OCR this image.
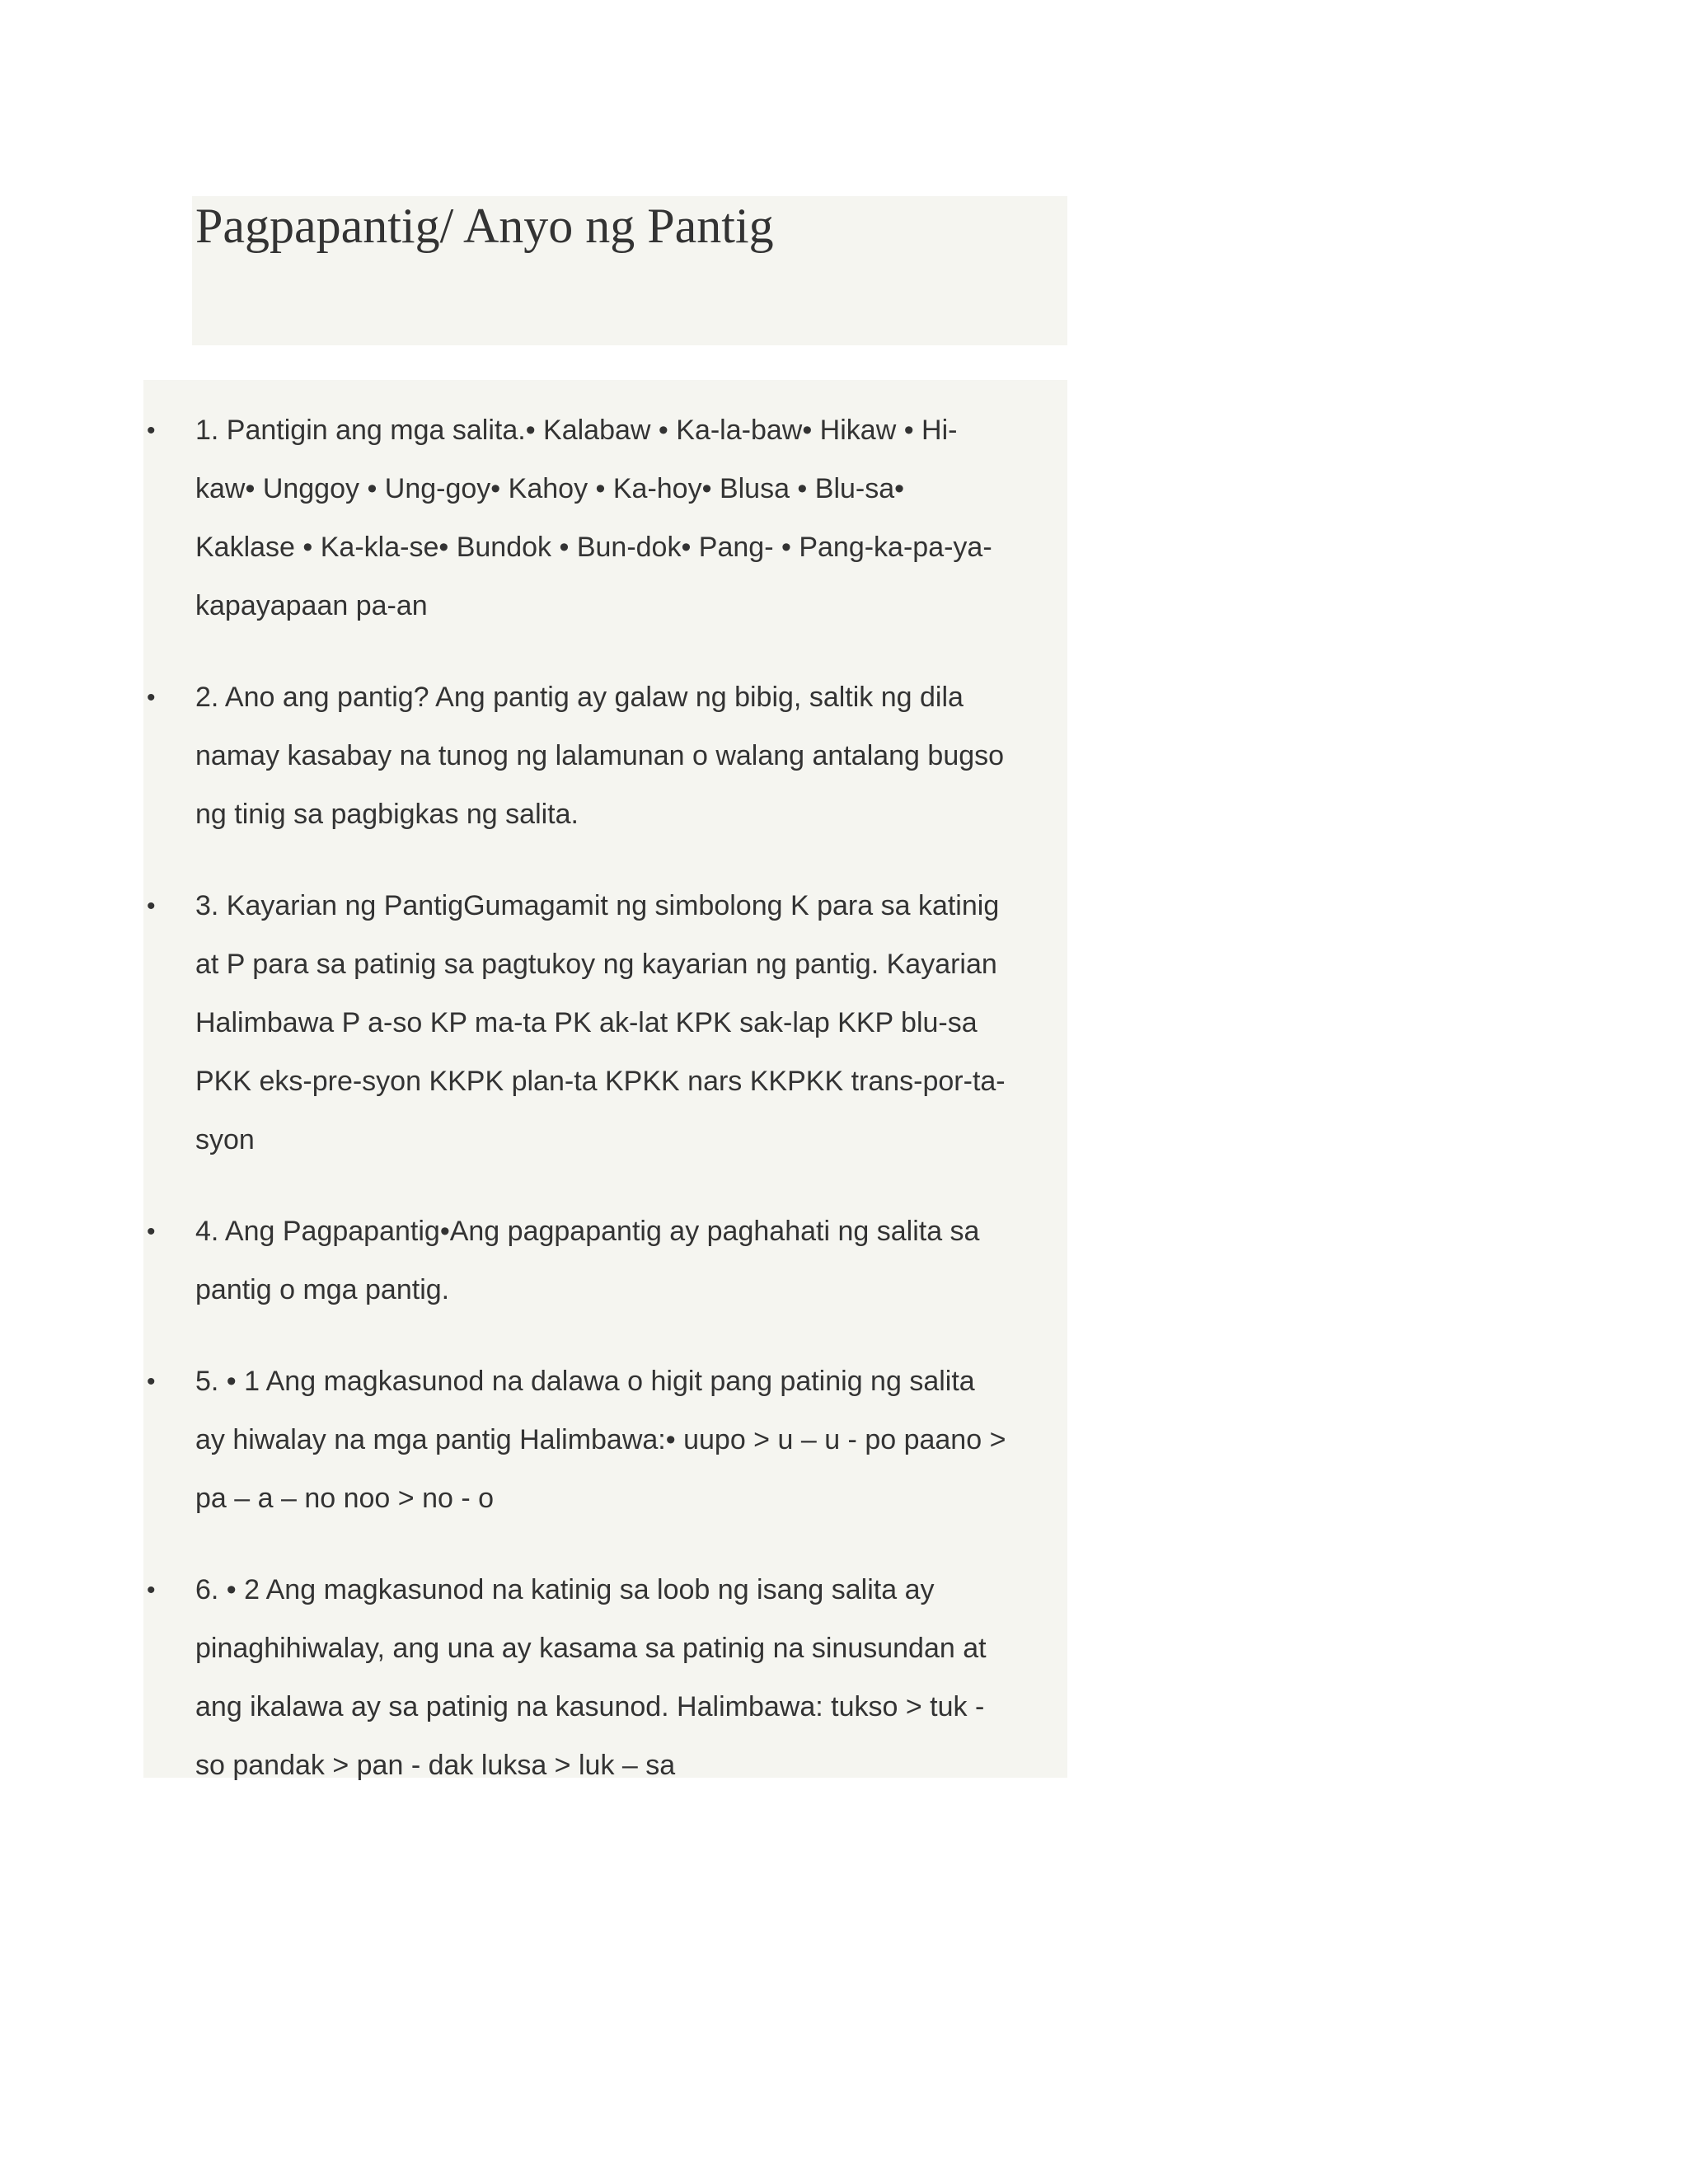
Pagpapantig/ Anyo ng Pantig
• 1. Pantigin ang mga salita.• Kalabaw • Ka-la-baw• Hikaw • Hi-
kaw• Unggoy • Ung-goy• Kahoy • Ka-hoy• Blusa • Blu-sa•
Kaklase • Ka-kla-se• Bundok • Bun-dok• Pang- • Pang-ka-pa-ya-
kapayapaan pa-an
• 2. Ano ang pantig? Ang pantig ay galaw ng bibig, saltik ng dila
namay kasabay na tunog ng lalamunan o walang antalang bugso
ng tinig sa pagbigkas ng salita.
• 3. Kayarian ng PantigGumagamit ng simbolong K para sa katinig
at P para sa patinig sa pagtukoy ng kayarian ng pantig. Kayarian
Halimbawa P a-so KP ma-ta PK ak-lat KPK sak-lap KKP blu-sa
PKK eks-pre-syon KKPK plan-ta KPKK nars KKPKK trans-por-ta-
syon
• 4. Ang Pagpapantig•Ang pagpapantig ay paghahati ng salita sa
pantig o mga pantig.
• 5. • 1 Ang magkasunod na dalawa o higit pang patinig ng salita
ay hiwalay na mga pantig Halimbawa:• uupo > u – u - po paano >
pa – a – no noo > no - o
• 6. • 2 Ang magkasunod na katinig sa loob ng isang salita ay
pinaghihiwalay, ang una ay kasama sa patinig na sinusundan at
ang ikalawa ay sa patinig na kasunod. Halimbawa: tukso > tuk -
so pandak > pan - dak luksa > luk – sa
